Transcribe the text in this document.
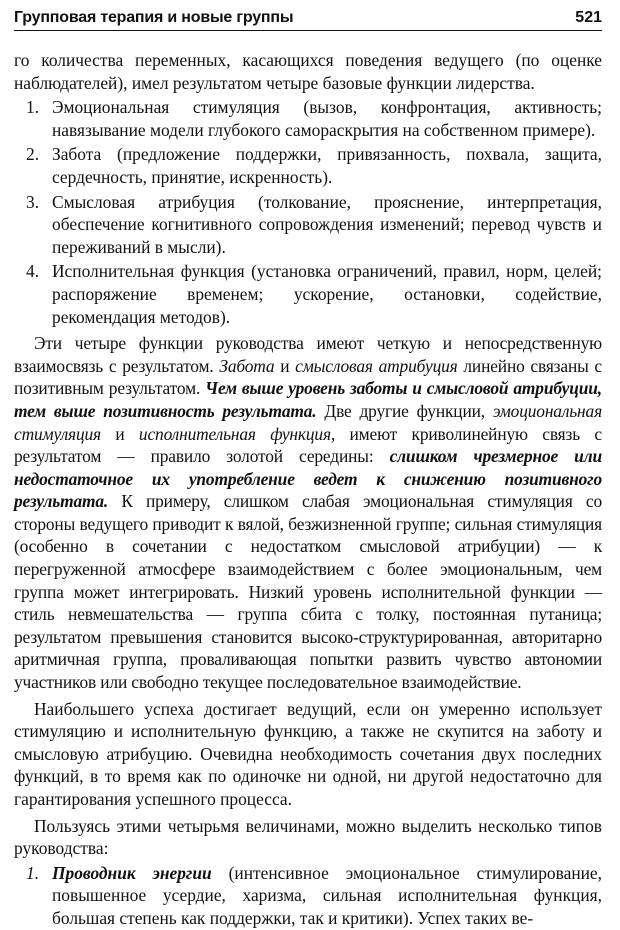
Групповая терапия и новые группы	521

го количества переменных, касающихся поведения ведущего (по оценке наблюдателей), имел результатом четыре базовые функции лидерства.

1. Эмоциональная стимуляция (вызов, конфронтация, активность; навязывание модели глубокого самораскрытия на собственном примере).
2. Забота (предложение поддержки, привязанность, похвала, защита, сердечность, принятие, искренность).
3. Смысловая атрибуция (толкование, прояснение, интерпретация, обеспечение когнитивного сопровождения изменений; перевод чувств и переживаний в мысли).
4. Исполнительная функция (установка ограничений, правил, норм, целей; распоряжение временем; ускорение, остановки, содействие, рекомендация методов).

Эти четыре функции руководства имеют четкую и непосредственную взаимосвязь с результатом. Забота и смысловая атрибуция линейно связаны с позитивным результатом. Чем выше уровень заботы и смысловой атрибуции, тем выше позитивность результата. Две другие функции, эмоциональная стимуляция и исполнительная функция, имеют криволинейную связь с результатом — правило золотой середины: слишком чрезмерное или недостаточное их употребление ведет к снижению позитивного результата. К примеру, слишком слабая эмоциональная стимуляция со стороны ведущего приводит к вялой, безжизненной группе; сильная стимуляция (особенно в сочетании с недостатком смысловой атрибуции) — к перегруженной атмосфере взаимодействием с более эмоциональным, чем группа может интегрировать. Низкий уровень исполнительной функции — стиль невмешательства — группа сбита с толку, постоянная путаница; результатом превышения становится высоко-структурированная, авторитарно аритмичная группа, проваливающая попытки развить чувство автономии участников или свободно текущее последовательное взаимодействие.

Наибольшего успеха достигает ведущий, если он умеренно использует стимуляцию и исполнительную функцию, а также не скупится на заботу и смысловую атрибуцию. Очевидна необходимость сочетания двух последних функций, в то время как по одиночке ни одной, ни другой недостаточно для гарантирования успешного процесса.

Пользуясь этими четырьмя величинами, можно выделить несколько типов руководства:

1. Проводник энергии (интенсивное эмоциональное стимулирование, повышенное усердие, харизма, сильная исполнительная функция, большая степень как поддержки, так и критики). Успех таких ве-
